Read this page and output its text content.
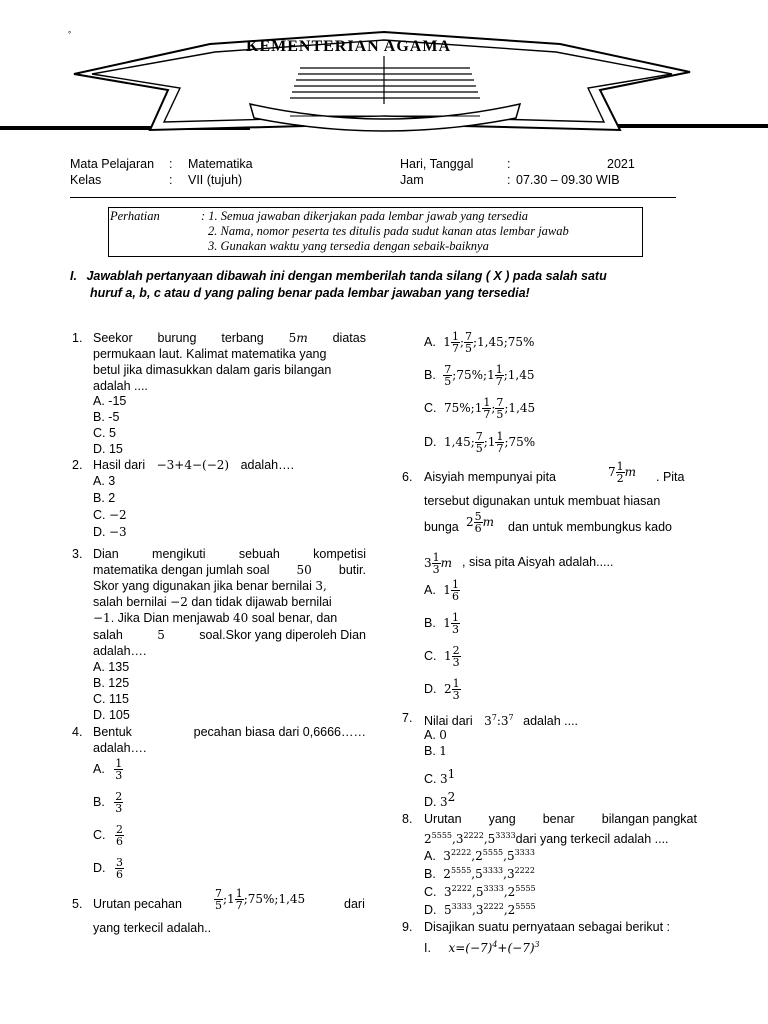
KEMENTERIAN AGAMA
°
Mata Pelajaran : Matematika
Kelas	: VII (tujuh)
Hari, Tanggal	:	2021
Jam	: 07.30 – 09.30 WIB
Perhatian	: 1. Semua jawaban dikerjakan pada lembar jawab yang tersedia
2. Nama, nomor peserta tes ditulis pada sudut kanan atas lembar jawab
3. Gunakan waktu yang tersedia dengan sebaik-baiknya
I. Jawablah pertanyaan dibawah ini dengan memberilah tanda silang ( X ) pada salah satu
huruf a, b, c atau d yang paling benar pada lembar jawaban yang tersedia!
1. Seekor burung terbang 5m diatas
permukaan laut. Kalimat matematika yang
betul jika dimasukkan dalam garis bilangan
adalah ....
A. -15
B. -5
C. 5
D. 15
2. Hasil dari −3+4−(−2) adalah….
A. 3
B. 2
C. −2
D. −3
3. Dian	mengikuti	sebuah	kompetisi
matematika dengan jumlah soal 50 butir.
Skor yang digunakan jika benar bernilai 3,
salah bernilai −2 dan tidak dijawab bernilai
−1. Jika Dian menjawab 40 soal benar, dan
salah	5	soal.Skor yang diperoleh Dian
adalah….
A. 135
B. 125
C. 115
D. 105
4. Bentuk	pecahan biasa dari 0,6666……
adalah….
A. $\frac{1}{3}$
B. $\frac{2}{3}$
C. $\frac{2}{6}$
D. $\frac{3}{6}$
5. Urutan pecahan	$\frac{7}{5}$ ;1 $\frac{1}{7}$ ;75%;1,45	dari
yang terkecil adalah..
A. $1 \frac{1}{7}$ ; $\frac{7}{5}$ ;1,45;75%
B. $\frac{7}{5}$ ;75%;1 $\frac{1}{7}$ ;1,45
C. 75%;1 $\frac{1}{7}$ ; $\frac{7}{5}$ ;1,45
D. 1,45; $\frac{7}{5}$ ;1 $\frac{1}{7}$ ;75%
6. Aisyiah mempunyai pita	$7 \frac{1}{2}$ m . Pita
tersebut digunakan untuk membuat hiasan
bunga $2 \frac{5}{6}$ m dan untuk membungkus kado
$3 \frac{1}{3}$ m , sisa pita Aisyah adalah.....
A. $1 \frac{1}{6}$
B. $1 \frac{1}{3}$
C. $1 \frac{2}{3}$
D. $2 \frac{1}{3}$
7. Nilai dari $3^7:3^7$ adalah ....
A. 0
B. 1
C. $3^1$
D. $3^2$
8. Urutan yang benar bilangan pangkat
$2^{5555},3^{2222},5^{3333}dari$ yang terkecil adalah ....
A. $3^{2222},2^{5555},5^{3333}$
B. $2^{5555},5^{3333},3^{2222}$
C. $3^{2222},5^{3333},2^{5555}$
D. $5^{3333},3^{2222},2^{5555}$
9. Disajikan suatu pernyataan sebagai berikut :
I. $x=(-7)^4+(-7)^3$
